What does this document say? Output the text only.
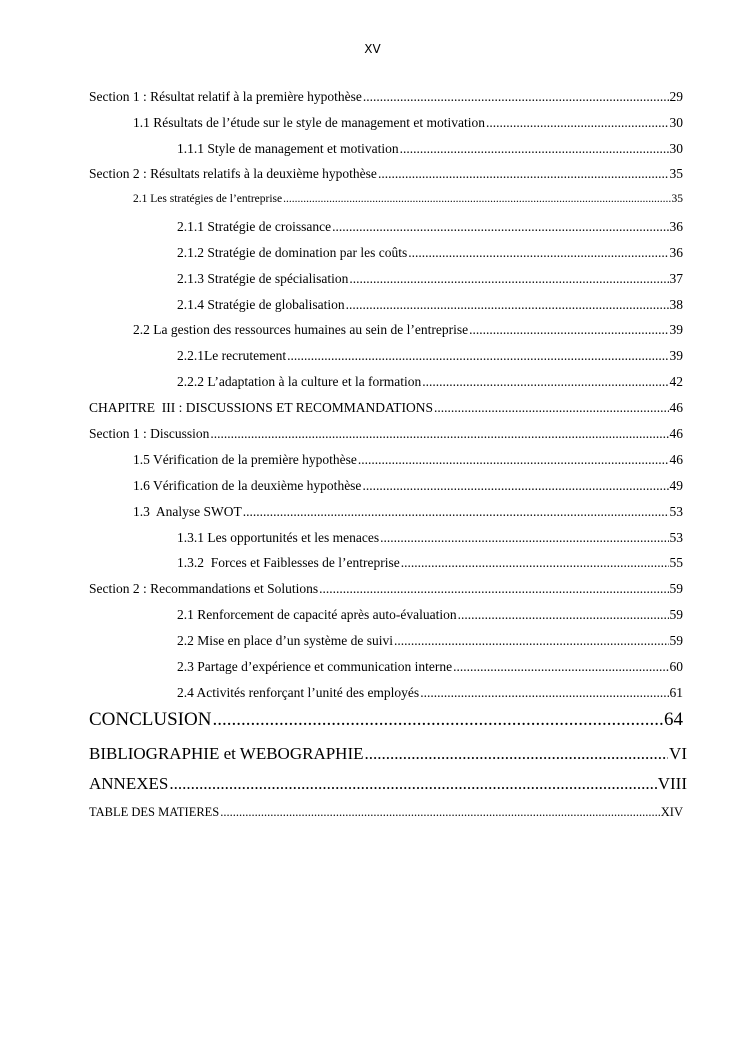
XV
Section 1 : Résultat relatif à la première hypothèse .....	29
1.1 Résultats de l’étude sur le style de management et motivation .....	30
1.1.1 Style de management et motivation .....	30
Section 2 : Résultats relatifs à la deuxième hypothèse .....	35
2.1 Les stratégies de l’entreprise .....	35
2.1.1 Stratégie de croissance .....	36
2.1.2 Stratégie de domination par les coûts .....	36
2.1.3 Stratégie de spécialisation .....	37
2.1.4 Stratégie de globalisation .....	38
2.2 La gestion des ressources humaines au sein de l’entreprise .....	39
2.2.1Le recrutement .....	39
2.2.2 L’adaptation à la culture et la formation .....	42
CHAPITRE  III : DISCUSSIONS ET RECOMMANDATIONS .....	46
Section 1 : Discussion .....	46
1.5 Vérification de la première hypothèse .....	46
1.6 Vérification de la deuxième hypothèse .....	49
1.3  Analyse SWOT .....	53
1.3.1 Les opportunités et les menaces .....	53
1.3.2  Forces et Faiblesses de l’entreprise .....	55
Section 2 : Recommandations et Solutions .....	59
2.1 Renforcement de capacité après auto-évaluation .....	59
2.2 Mise en place d’un système de suivi .....	59
2.3 Partage d’expérience et communication interne .....	60
2.4 Activités renforçant l’unité des employés .....	61
CONCLUSION .....	64
BIBLIOGRAPHIE et WEBOGRAPHIE .....	VI
ANNEXES .....	VIII
TABLE DES MATIERES .....	XIV
